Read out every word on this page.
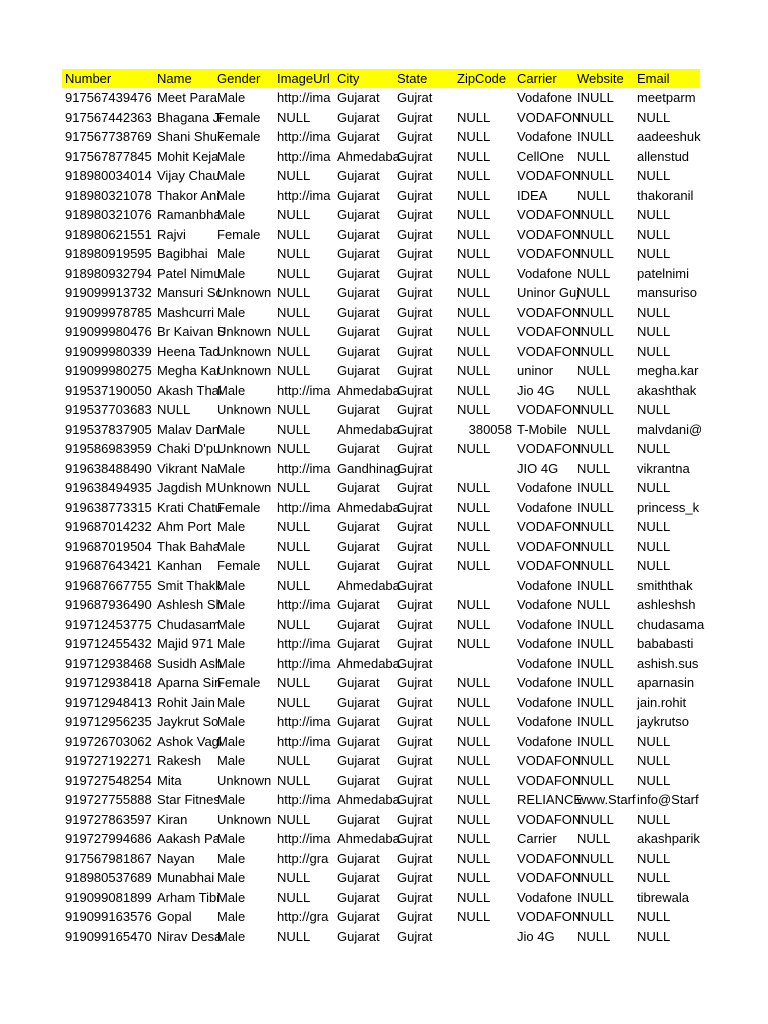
Number	Name	Gender	ImageUrl	City	State	ZipCode	Carrier	Website	Email
917567439476	Meet Para	Male	http://ima	Gujarat	Gujrat		Vodafone	INULL	meetparm
917567442363	Bhagana Ji	Female	NULL	Gujarat	Gujrat	NULL	VODAFON	INULL	NULL
917567738769	Shani Shuk	Female	http://ima	Gujarat	Gujrat	NULL	Vodafone	INULL	aadeeshuk
917567877845	Mohit Keja	Male	http://ima	Ahmedaba	Gujrat	NULL	CellOne	NULL	allenstud
918980034014	Vijay Chau	Male	NULL	Gujarat	Gujrat	NULL	VODAFON	INULL	NULL
918980321078	Thakor Ani	Male	http://ima	Gujarat	Gujrat	NULL	IDEA	NULL	thakoranil
918980321076	Ramanbha	Male	NULL	Gujarat	Gujrat	NULL	VODAFON	INULL	NULL
918980621551	Rajvi	Female	NULL	Gujarat	Gujrat	NULL	VODAFON	INULL	NULL
918980919595	Bagibhai	Male	NULL	Gujarat	Gujrat	NULL	VODAFON	INULL	NULL
918980932794	Patel Nimu	Male	NULL	Gujarat	Gujrat	NULL	Vodafone	NULL	patelnimi
919099913732	Mansuri Sc	Unknown	NULL	Gujarat	Gujrat	NULL	Uninor Guj	NULL	mansuriso
919099978785	Mashcurri	Male	NULL	Gujarat	Gujrat	NULL	VODAFON	INULL	NULL
919099980476	Br Kaivan S	Unknown	NULL	Gujarat	Gujrat	NULL	VODAFON	INULL	NULL
919099980339	Heena Tad	Unknown	NULL	Gujarat	Gujrat	NULL	VODAFON	INULL	NULL
919099980275	Megha Kar	Unknown	NULL	Gujarat	Gujrat	NULL	uninor	NULL	megha.kar
919537190050	Akash Thal	Male	http://ima	Ahmedaba	Gujrat	NULL	Jio 4G	NULL	akashthak
919537703683	NULL	Unknown	NULL	Gujarat	Gujrat	NULL	VODAFON	INULL	NULL
919537837905	Malav Dan	Male	NULL	Ahmedaba	Gujrat	380058	T-Mobile	NULL	malvdani@
919586983959	Chaki D'pu	Unknown	NULL	Gujarat	Gujrat	NULL	VODAFON	INULL	NULL
919638488490	Vikrant Na	Male	http://ima	Gandhinag	Gujrat		JIO 4G	NULL	vikrantna
919638494935	Jagdish M	Unknown	NULL	Gujarat	Gujrat	NULL	Vodafone	INULL	NULL
919638773315	Krati Chatu	Female	http://ima	Ahmedaba	Gujrat	NULL	Vodafone	INULL	princess_k
919687014232	Ahm Port	Male	NULL	Gujarat	Gujrat	NULL	VODAFON	INULL	NULL
919687019504	Thak Baha	Male	NULL	Gujarat	Gujrat	NULL	VODAFON	INULL	NULL
919687643421	Kanhan	Female	NULL	Gujarat	Gujrat	NULL	VODAFON	INULL	NULL
919687667755	Smit Thakk	Male	NULL	Ahmedaba	Gujrat		Vodafone	INULL	smiththak
919687936490	Ashlesh Sh	Male	http://ima	Gujarat	Gujrat	NULL	Vodafone	NULL	ashleshsh
919712453775	Chudasam	Male	NULL	Gujarat	Gujrat	NULL	Vodafone	INULL	chudasama
919712455432	Majid 971	Male	http://ima	Gujarat	Gujrat	NULL	Vodafone	INULL	bababasti
919712938468	Susidh Ash	Male	http://ima	Ahmedaba	Gujrat		Vodafone	INULL	ashish.sus
919712938418	Aparna Sin	Female	NULL	Gujarat	Gujrat	NULL	Vodafone	INULL	aparnasin
919712948413	Rohit Jain	Male	NULL	Gujarat	Gujrat	NULL	Vodafone	INULL	jain.rohit
919712956235	Jaykrut So	Male	http://ima	Gujarat	Gujrat	NULL	Vodafone	INULL	jaykrutso
919726703062	Ashok Vagl	Male	http://ima	Gujarat	Gujrat	NULL	Vodafone	INULL	NULL
919727192271	Rakesh	Male	NULL	Gujarat	Gujrat	NULL	VODAFON	INULL	NULL
919727548254	Mita	Unknown	NULL	Gujarat	Gujrat	NULL	VODAFON	INULL	NULL
919727755888	Star Fitnes	Male	http://ima	Ahmedaba	Gujrat	NULL	RELIANCE	www.Starf	info@Starf
919727863597	Kiran	Unknown	NULL	Gujarat	Gujrat	NULL	VODAFON	INULL	NULL
919727994686	Aakash Pa	Male	http://ima	Ahmedaba	Gujrat	NULL	Carrier	NULL	akashparik
917567981867	Nayan	Male	http://gra	Gujarat	Gujrat	NULL	VODAFON	INULL	NULL
918980537689	Munabhai	Male	NULL	Gujarat	Gujrat	NULL	VODAFON	INULL	NULL
919099081899	Arham Tibi	Male	NULL	Gujarat	Gujrat	NULL	Vodafone	INULL	tibrewala
919099163576	Gopal	Male	http://gra	Gujarat	Gujrat	NULL	VODAFON	INULL	NULL
919099165470	Nirav Desa	Male	NULL	Gujarat	Gujrat		Jio 4G	NULL	NULL
